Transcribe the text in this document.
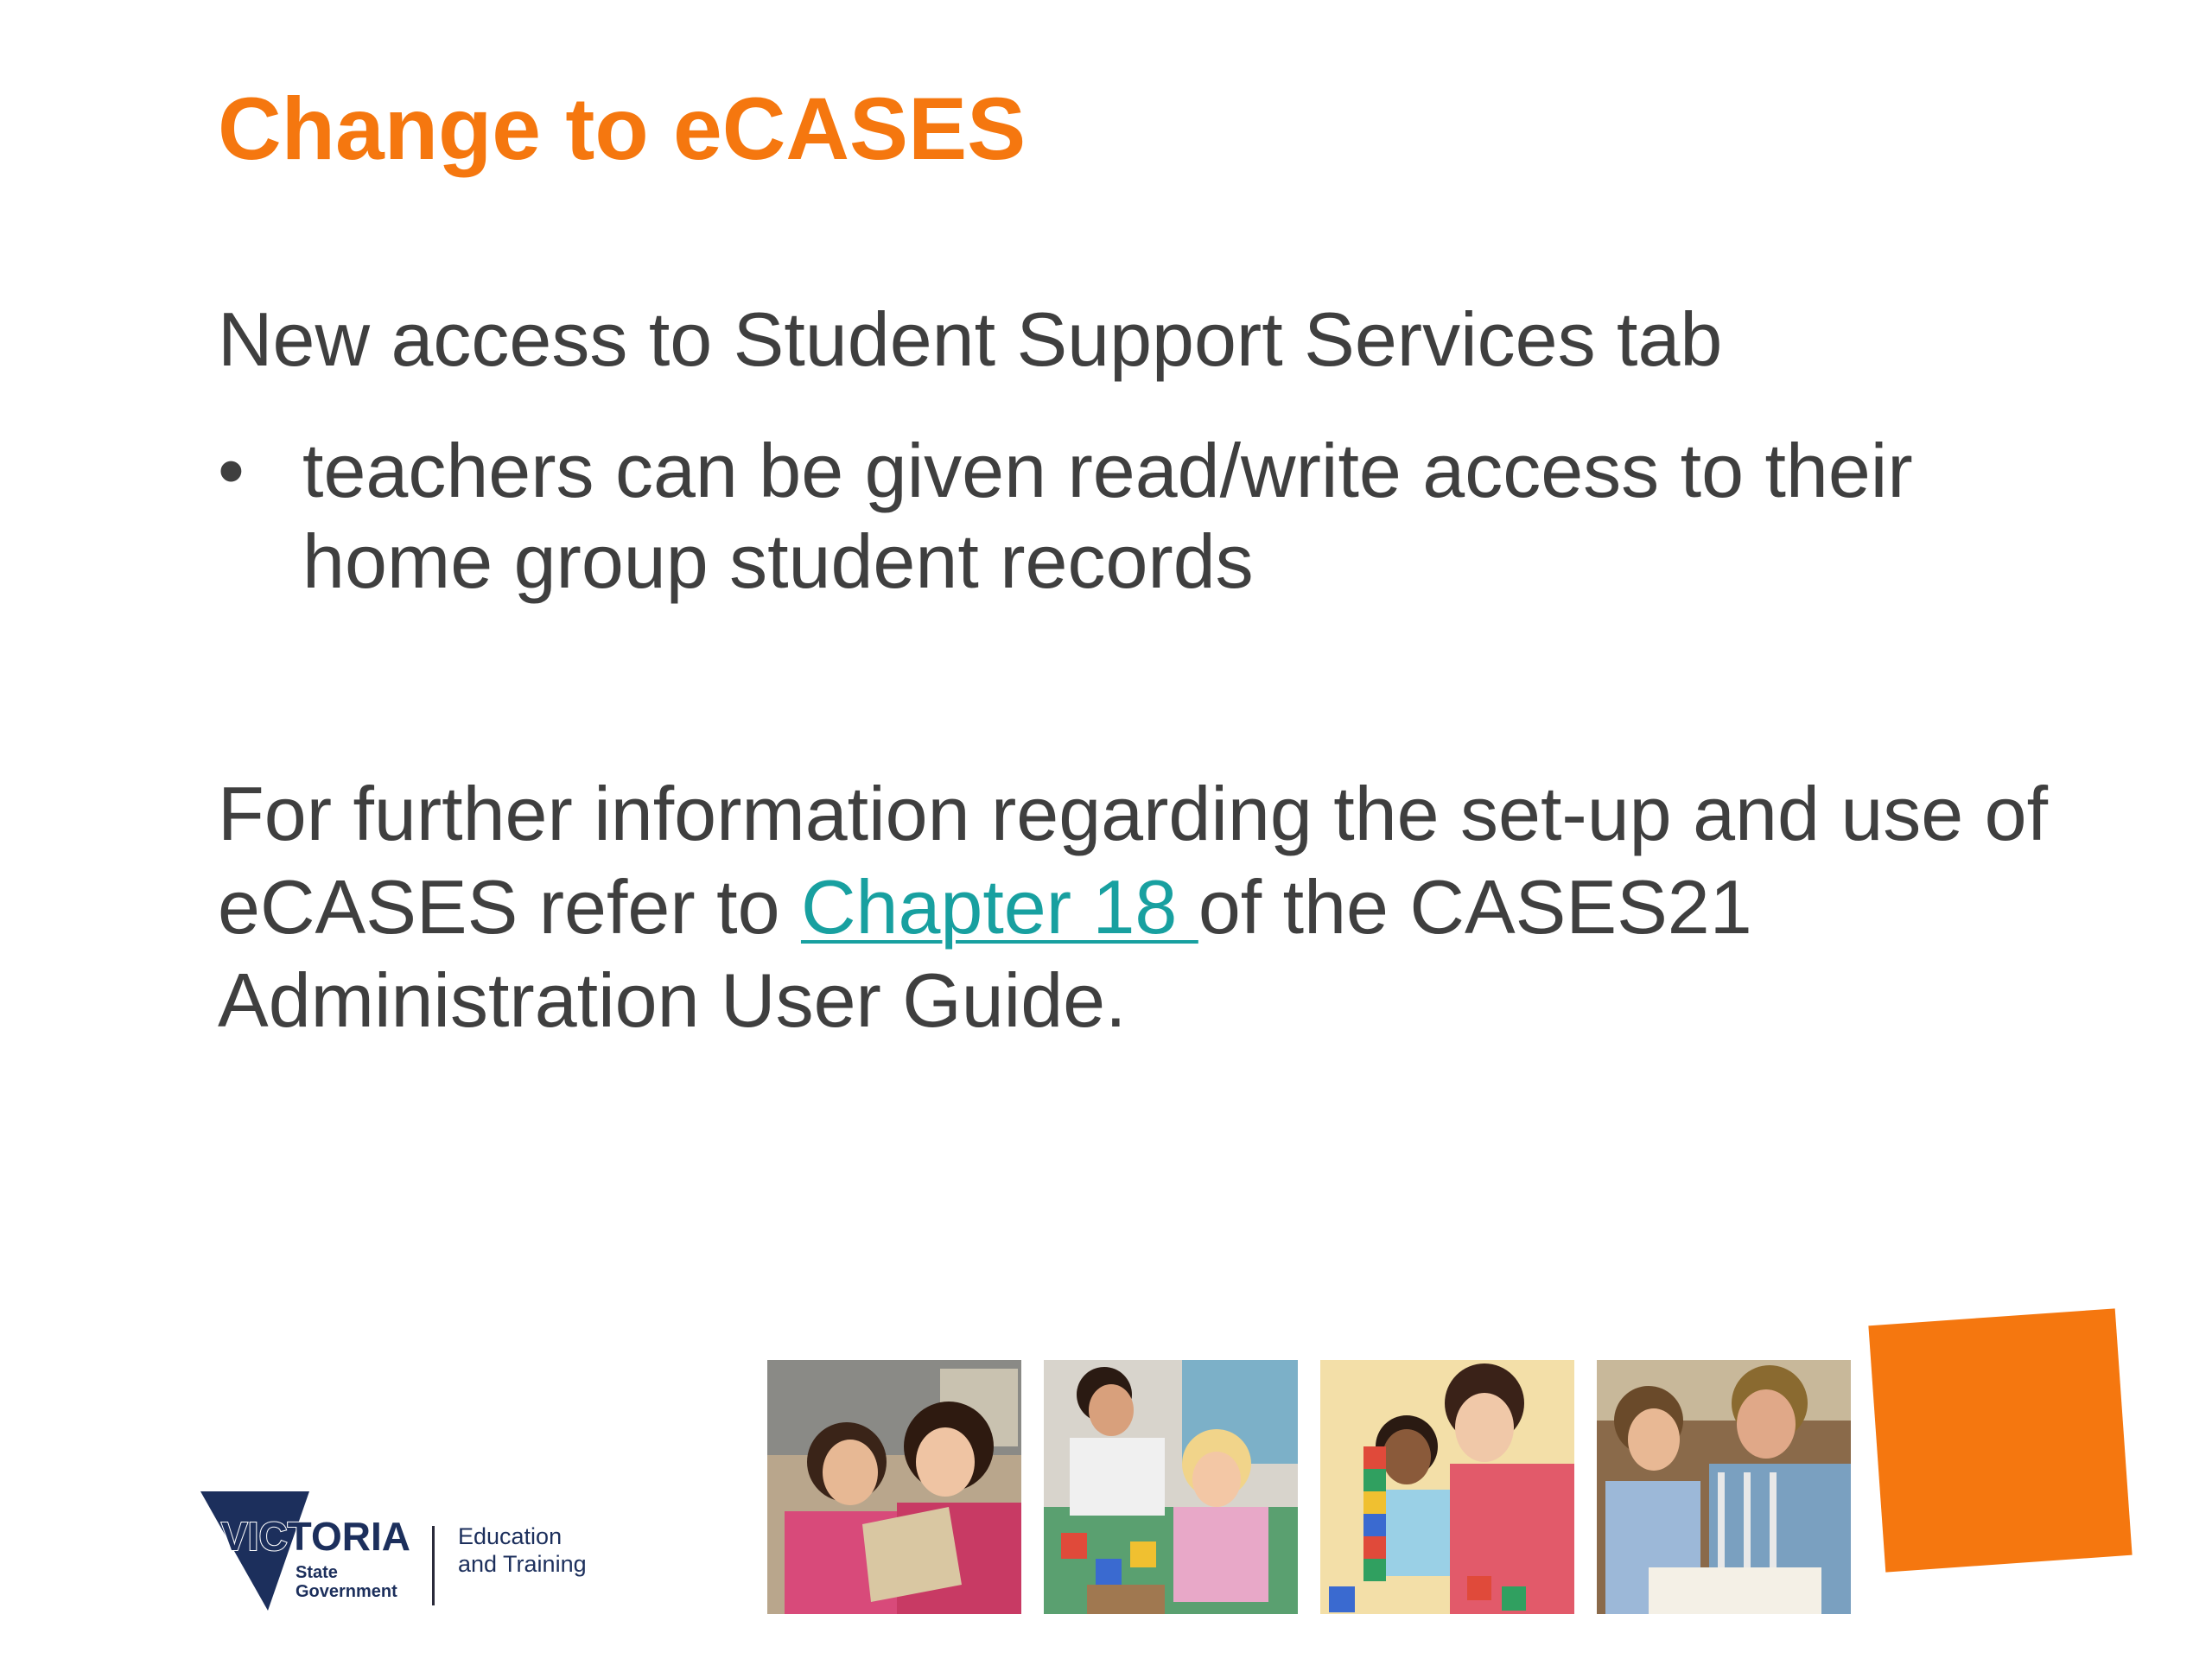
Change to eCASES
New access to Student Support Services tab
• teachers can be given read/write access to their home group student records
For further information regarding the set-up and use of eCASES refer to Chapter 18 of the CASES21 Administration User Guide.
VICTORIA
State
Government
Education
and Training
